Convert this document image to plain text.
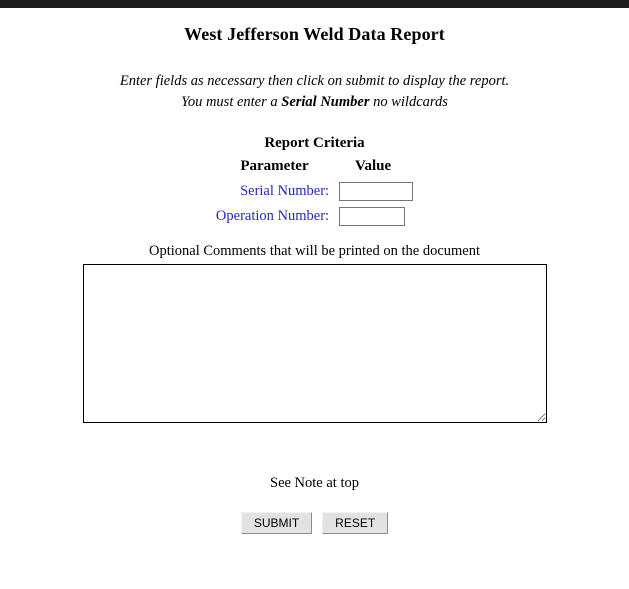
West Jefferson Weld Data Report
Enter fields as necessary then click on submit to display the report.
You must enter a Serial Number no wildcards
Report Criteria
Parameter	Value
Serial Number:	
Operation Number:	
Optional Comments that will be printed on the document
See Note at top
SUBMIT	RESET
